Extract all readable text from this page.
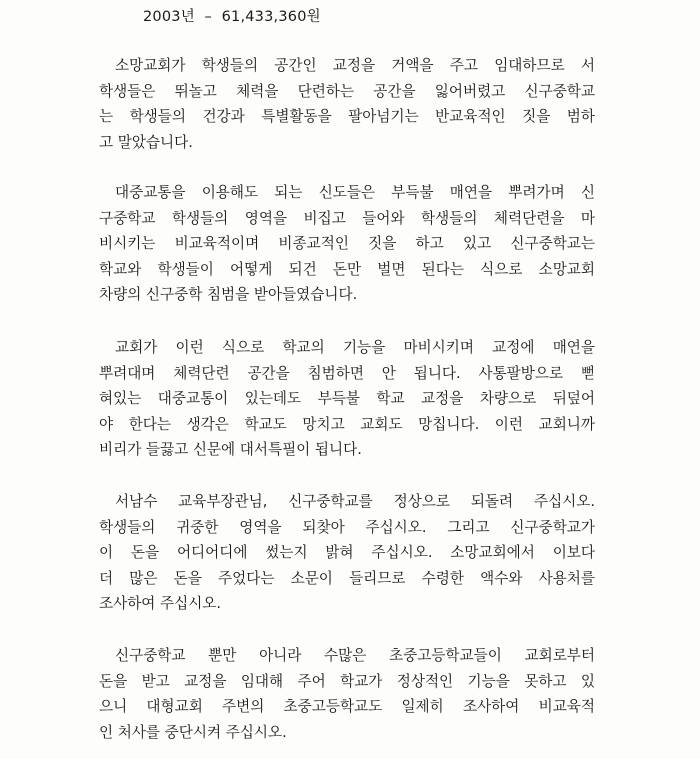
2003년  –  61,433,360원
소망교회가 학생들의 공간인 교정을 거액을 주고 임대하므로 서
학생들은 뛰놀고 체력을 단련하는 공간을 잃어버렸고 신구중학교
는 학생들의 건강과 특별활동을 팔아넘기는 반교육적인 짓을 범하
고 말았습니다.
대중교통을 이용해도 되는 신도들은 부득불 매연을 뿌려가며 신
구중학교 학생들의 영역을 비집고 들어와 학생들의 체력단련을 마
비시키는 비교육적이며 비종교적인 짓을 하고 있고 신구중학교는
학교와 학생들이 어떻게 되건 돈만 벌면 된다는 식으로 소망교회
차량의 신구중학 침범을 받아들였습니다.
교회가 이런 식으로 학교의 기능을 마비시키며 교정에 매연을
뿌려대며 체력단련 공간을 침범하면 안 됩니다. 사통팔방으로 뻗
혀있는 대중교통이 있는데도 부득불 학교 교정을 차량으로 뒤덮어
야 한다는 생각은 학교도 망치고 교회도 망칩니다. 이런 교회니까
비리가 들끓고 신문에 대서특필이 됩니다.
서남수 교육부장관님, 신구중학교를 정상으로 되돌려 주십시오.
학생들의 귀중한 영역을 되찾아 주십시오. 그리고 신구중학교가
이 돈을 어디어디에 썼는지 밝혀 주십시오. 소망교회에서 이보다
더 많은 돈을 주었다는 소문이 들리므로 수령한 액수와 사용처를
조사하여 주십시오.
신구중학교 뿐만 아니라 수많은 초중고등학교들이 교회로부터
돈을 받고 교정을 임대해 주어 학교가 정상적인 기능을 못하고 있
으니 대형교회 주변의 초중고등학교도 일제히 조사하여 비교육적
인 처사를 중단시켜 주십시오.
